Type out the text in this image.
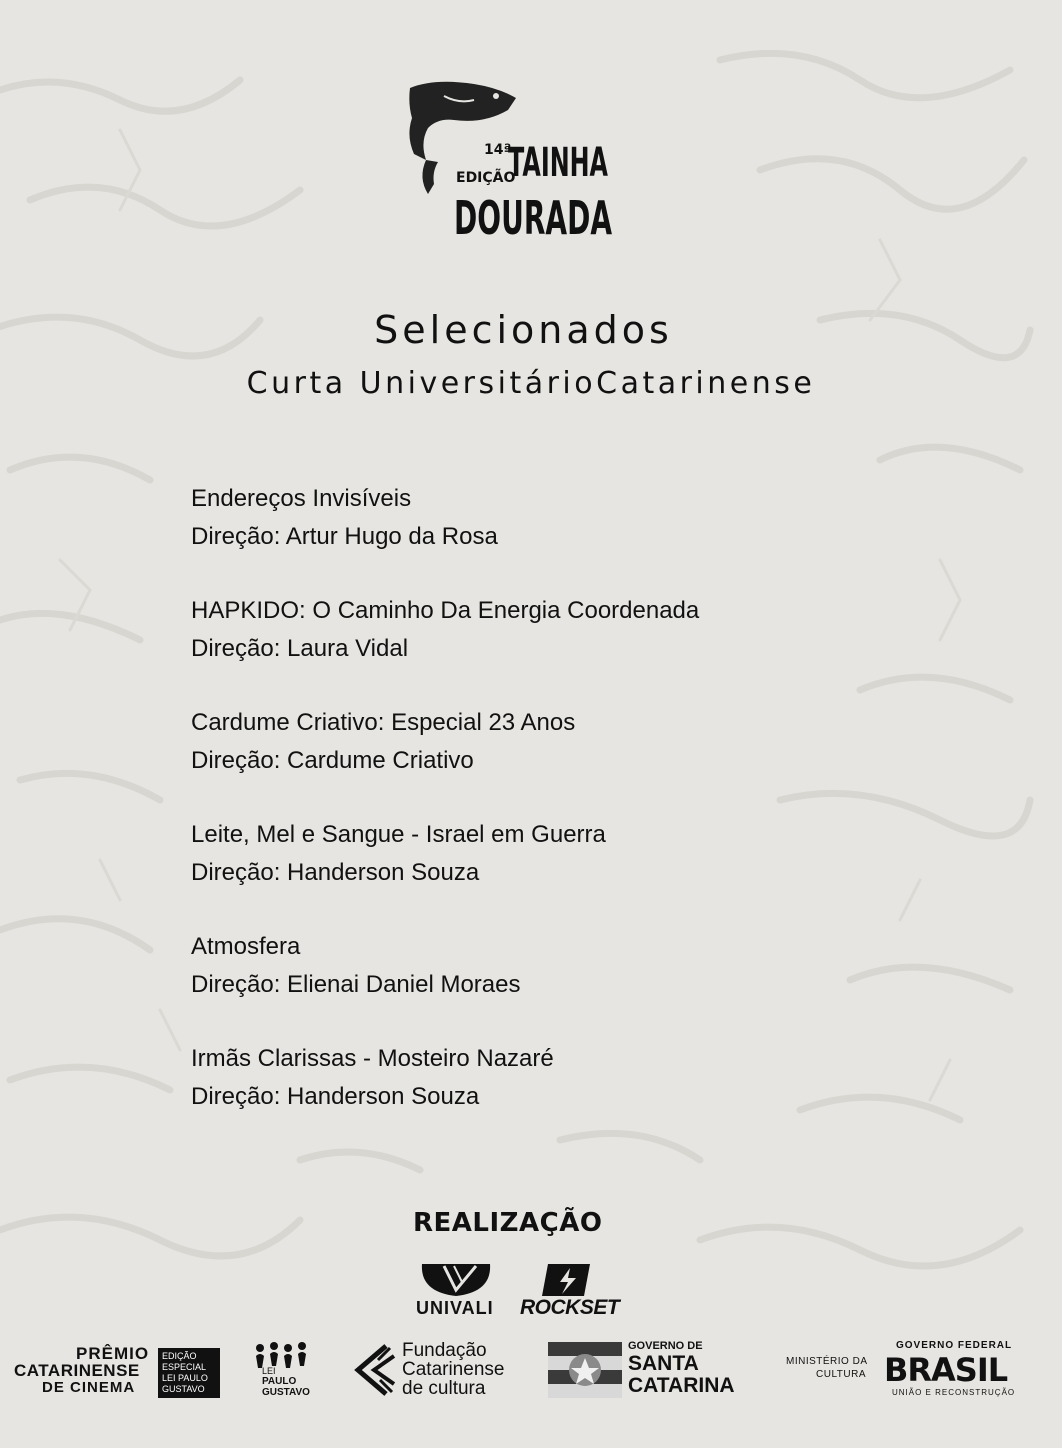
14ª
EDIÇÃO
TAINHA
DOURADA
Selecionados
Curta UniversitárioCatarinense
Endereços Invisíveis
Direção: Artur Hugo da Rosa
HAPKIDO: O Caminho Da Energia Coordenada
Direção: Laura Vidal
Cardume Criativo: Especial 23 Anos
Direção: Cardume Criativo
Leite, Mel e Sangue - Israel em Guerra
Direção: Handerson Souza
Atmosfera
Direção: Elienai Daniel Moraes
Irmãs Clarissas - Mosteiro Nazaré
Direção: Handerson Souza
REALIZAÇÃO
UNIVALI ROCKSET
PRÊMIO
CATARINENSE
DE CINEMA
EDIÇÃO
ESPECIAL
LEI PAULO
GUSTAVO
LEI
PAULO
GUSTAVO
Fundação
Catarinense
de cultura
GOVERNO DE
SANTA
CATARINA
MINISTÉRIO DA
CULTURA
GOVERNO FEDERAL
BRASIL
UNIÃO E RECONSTRUÇÃO
